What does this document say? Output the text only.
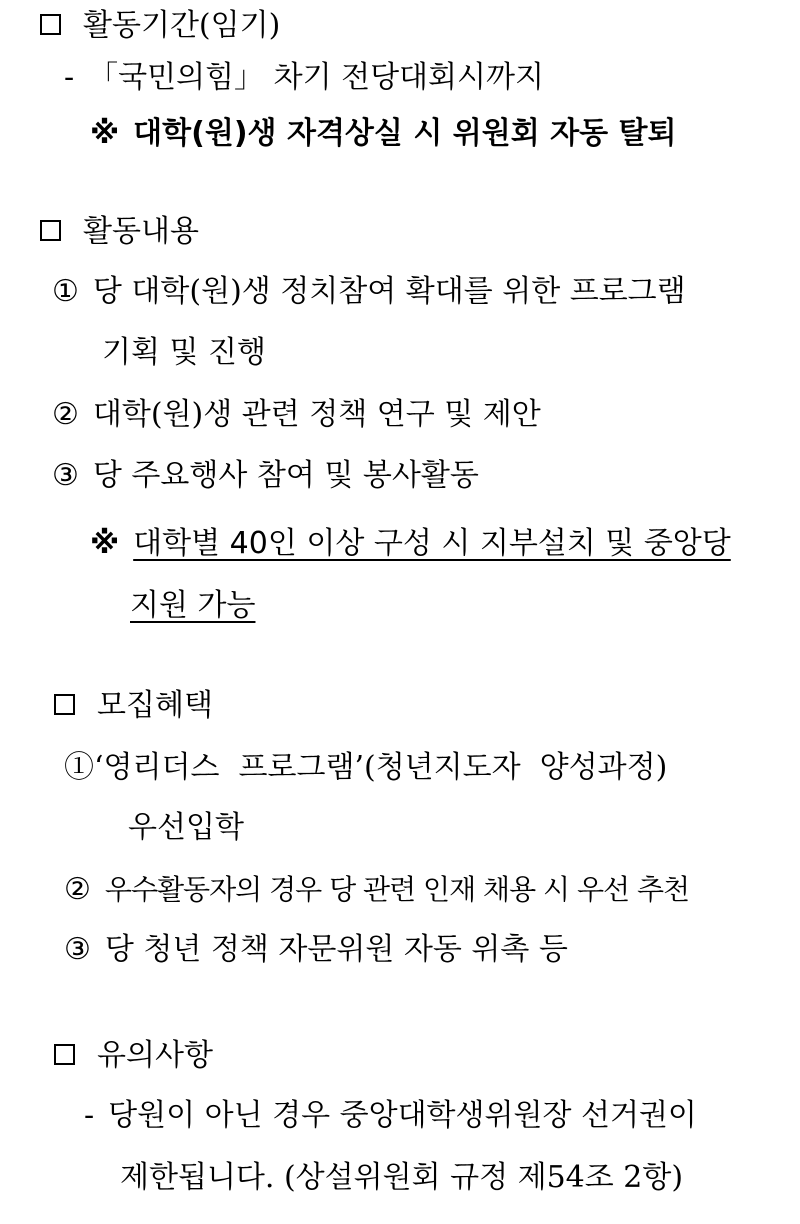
활동기간(임기)
- 「국민의힘」 차기 전당대회시까지
※ 대학(원)생 자격상실 시 위원회 자동 탈퇴
활동내용
① 당 대학(원)생 정치참여 확대를 위한 프로그램
기획 및 진행
② 대학(원)생 관련 정책 연구 및 제안
③ 당 주요행사 참여 및 봉사활동
※ 대학별 40인 이상 구성 시 지부설치 및 중앙당
지원 가능
모집혜택
①‘영리더스  프로그램’(청년지도자  양성과정)
우선입학
② 우수활동자의 경우 당 관련 인재 채용 시 우선 추천
③ 당 청년 정책 자문위원 자동 위촉 등
유의사항
- 당원이 아닌 경우 중앙대학생위원장 선거권이
제한됩니다. (상설위원회 규정 제54조 2항)
